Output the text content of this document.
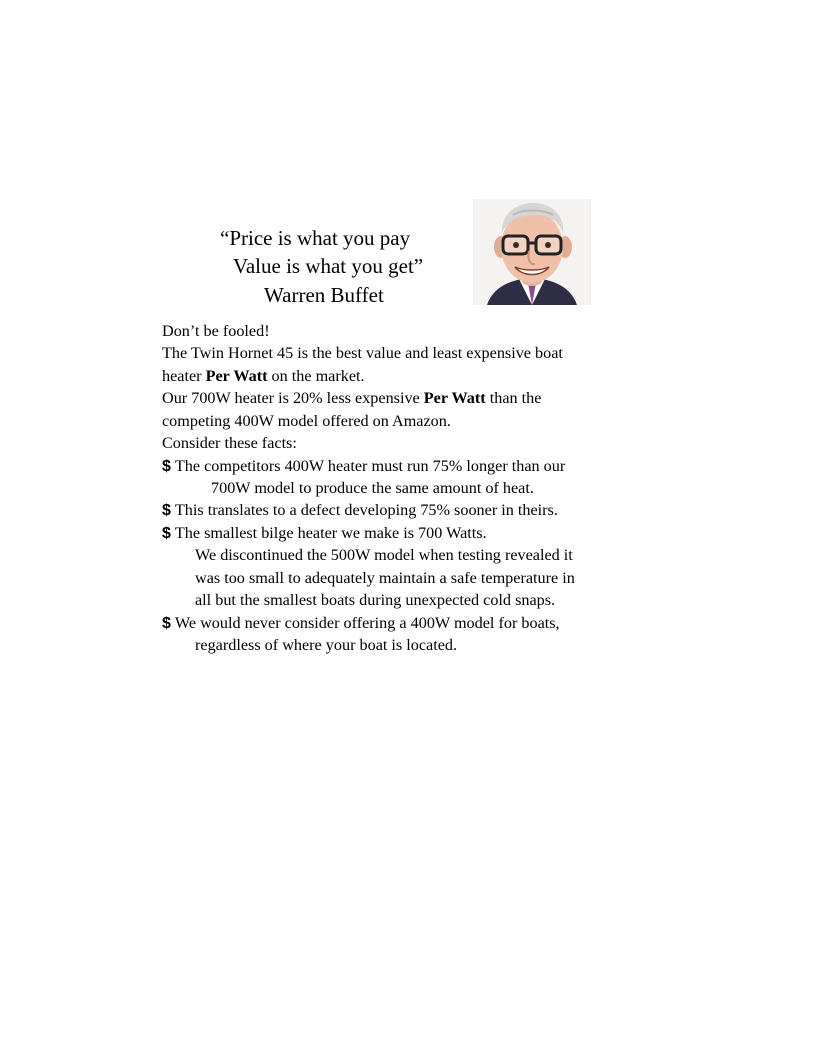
“Price is what you pay
Value is what you get”
Warren Buffet
Don’t be fooled!
The Twin Hornet 45 is the best value and least expensive boat
heater Per Watt on the market.
Our 700W heater is 20% less expensive Per Watt than the
competing 400W model offered on Amazon.
Consider these facts:
$ The competitors 400W heater must run 75% longer than our
700W model to produce the same amount of heat.
$ This translates to a defect developing 75% sooner in theirs.
$ The smallest bilge heater we make is 700 Watts.
We discontinued the 500W model when testing revealed it
was too small to adequately maintain a safe temperature in
all but the smallest boats during unexpected cold snaps.
$ We would never consider offering a 400W model for boats,
regardless of where your boat is located.
